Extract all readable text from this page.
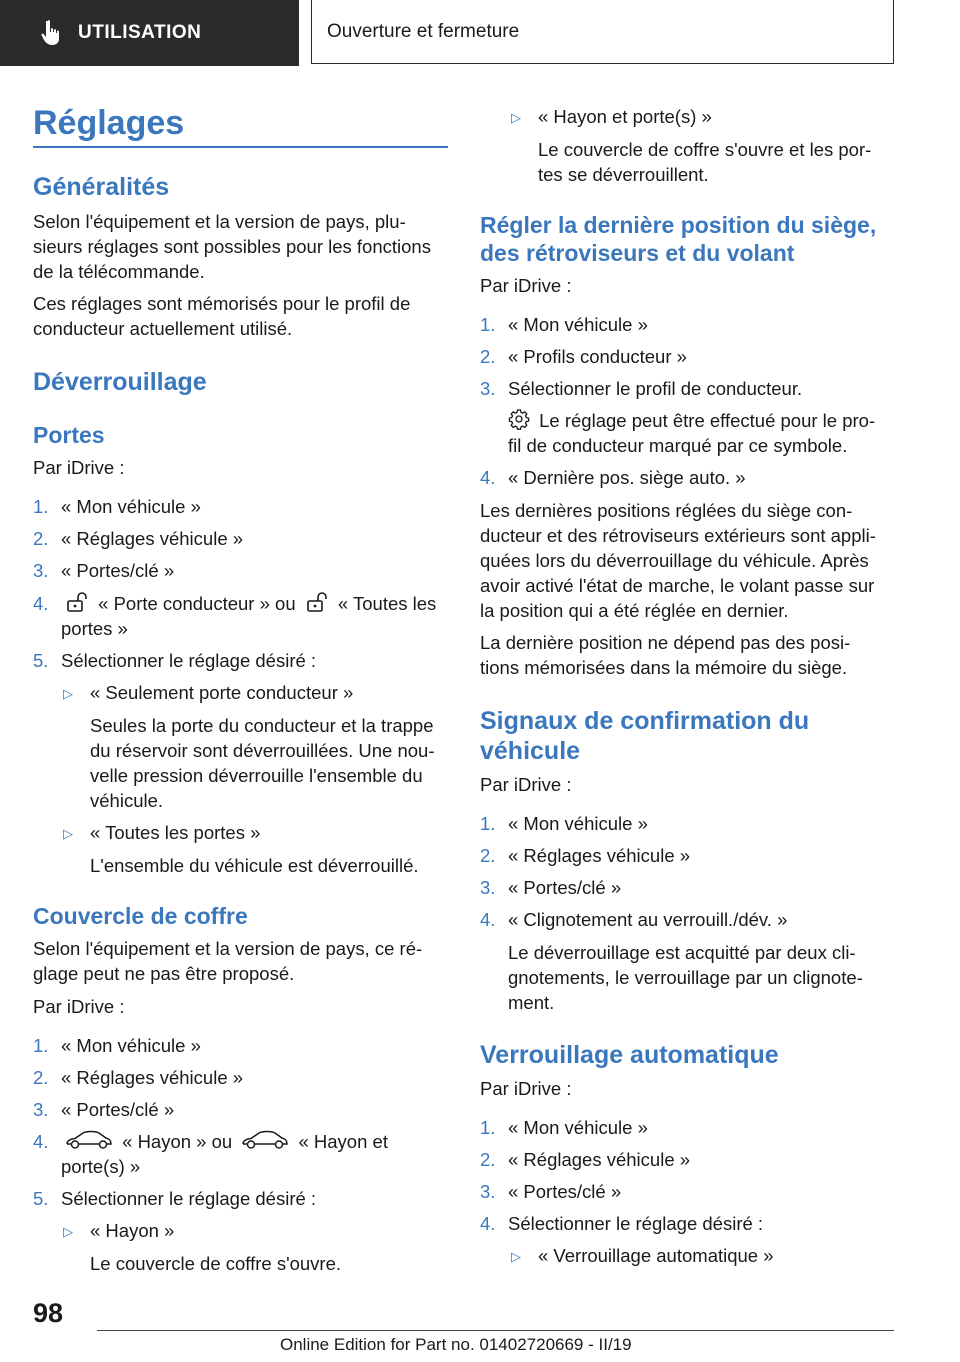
UTILISATION	Ouverture et fermeture
Réglages
Généralités
Selon l'équipement et la version de pays, plu-
sieurs réglages sont possibles pour les fonctions
de la télécommande.
Ces réglages sont mémorisés pour le profil de
conducteur actuellement utilisé.
Déverrouillage
Portes
Par iDrive :
1. « Mon véhicule »
2. « Réglages véhicule »
3. « Portes/clé »
4.	« Porte conducteur » ou « Toutes les
portes »
5. Sélectionner le réglage désiré :
▷ « Seulement porte conducteur »
Seules la porte du conducteur et la trappe
du réservoir sont déverrouillées. Une nou-
velle pression déverrouille l'ensemble du
véhicule.
▷ « Toutes les portes »
L'ensemble du véhicule est déverrouillé.
Couvercle de coffre
Selon l'équipement et la version de pays, ce ré-
glage peut ne pas être proposé.
Par iDrive :
1. « Mon véhicule »
2. « Réglages véhicule »
3. « Portes/clé »
4.	« Hayon » ou	« Hayon et
porte(s) »
5. Sélectionner le réglage désiré :
▷ « Hayon »
Le couvercle de coffre s'ouvre.
▷ « Hayon et porte(s) »
Le couvercle de coffre s'ouvre et les por-
tes se déverrouillent.
Régler la dernière position du siège,
des rétroviseurs et du volant
Par iDrive :
1. « Mon véhicule »
2. « Profils conducteur »
3. Sélectionner le profil de conducteur.
Le réglage peut être effectué pour le pro-
fil de conducteur marqué par ce symbole.
4. « Dernière pos. siège auto. »
Les dernières positions réglées du siège con-
ducteur et des rétroviseurs extérieurs sont appli-
quées lors du déverrouillage du véhicule. Après
avoir activé l'état de marche, le volant passe sur
la position qui a été réglée en dernier.
La dernière position ne dépend pas des posi-
tions mémorisées dans la mémoire du siège.
Signaux de confirmation du
véhicule
Par iDrive :
1. « Mon véhicule »
2. « Réglages véhicule »
3. « Portes/clé »
4. « Clignotement au verrouill./dév. »
Le déverrouillage est acquitté par deux cli-
gnotements, le verrouillage par un clignote-
ment.
Verrouillage automatique
Par iDrive :
1. « Mon véhicule »
2. « Réglages véhicule »
3. « Portes/clé »
4. Sélectionner le réglage désiré :
▷ « Verrouillage automatique »
98
Online Edition for Part no. 01402720669 - II/19
